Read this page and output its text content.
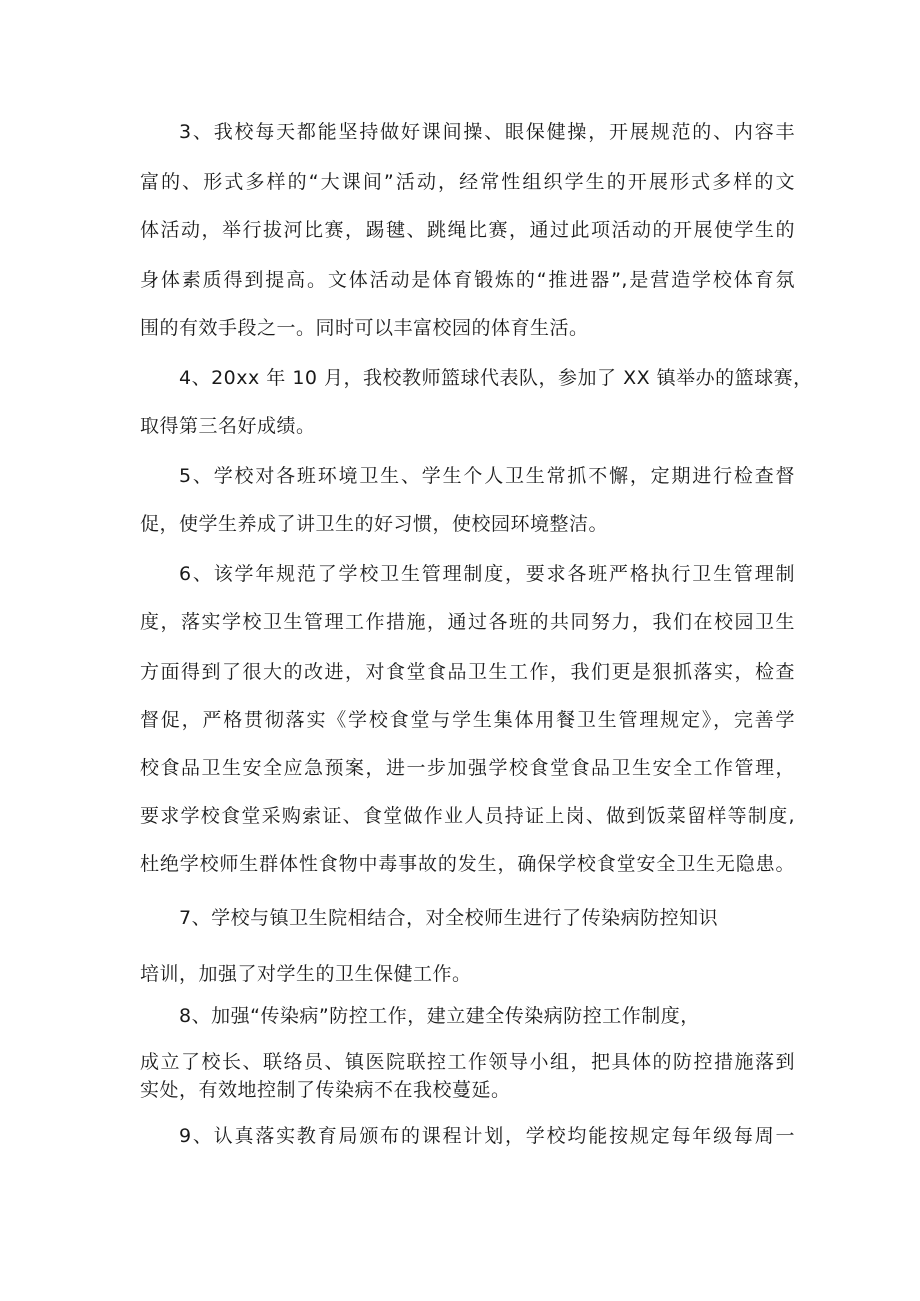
3、我校每天都能坚持做好课间操、眼保健操，开展规范的、内容丰
富的、形式多样的“大课间”活动，经常性组织学生的开展形式多样的文
体活动，举行拔河比赛，踢毽、跳绳比赛，通过此项活动的开展使学生的
身体素质得到提高。文体活动是体育锻炼的“推进器”,是营造学校体育氛
围的有效手段之一。同时可以丰富校园的体育生活。
4、20xx 年 10 月，我校教师篮球代表队，参加了 XX 镇举办的篮球赛，
取得第三名好成绩。
5、学校对各班环境卫生、学生个人卫生常抓不懈，定期进行检查督
促，使学生养成了讲卫生的好习惯，使校园环境整洁。
6、该学年规范了学校卫生管理制度，要求各班严格执行卫生管理制
度，落实学校卫生管理工作措施，通过各班的共同努力，我们在校园卫生
方面得到了很大的改进，对食堂食品卫生工作，我们更是狠抓落实，检查
督促，严格贯彻落实《学校食堂与学生集体用餐卫生管理规定》，完善学
校食品卫生安全应急预案，进一步加强学校食堂食品卫生安全工作管理，
要求学校食堂采购索证、食堂做作业人员持证上岗、做到饭菜留样等制度,
杜绝学校师生群体性食物中毒事故的发生，确保学校食堂安全卫生无隐患。
7、学校与镇卫生院相结合，对全校师生进行了传染病防控知识
培训，加强了对学生的卫生保健工作。
8、加强“传染病”防控工作，建立建全传染病防控工作制度，
成立了校长、联络员、镇医院联控工作领导小组，把具体的防控措施落到
实处，有效地控制了传染病不在我校蔓延。
9、认真落实教育局颁布的课程计划，学校均能按规定每年级每周一
